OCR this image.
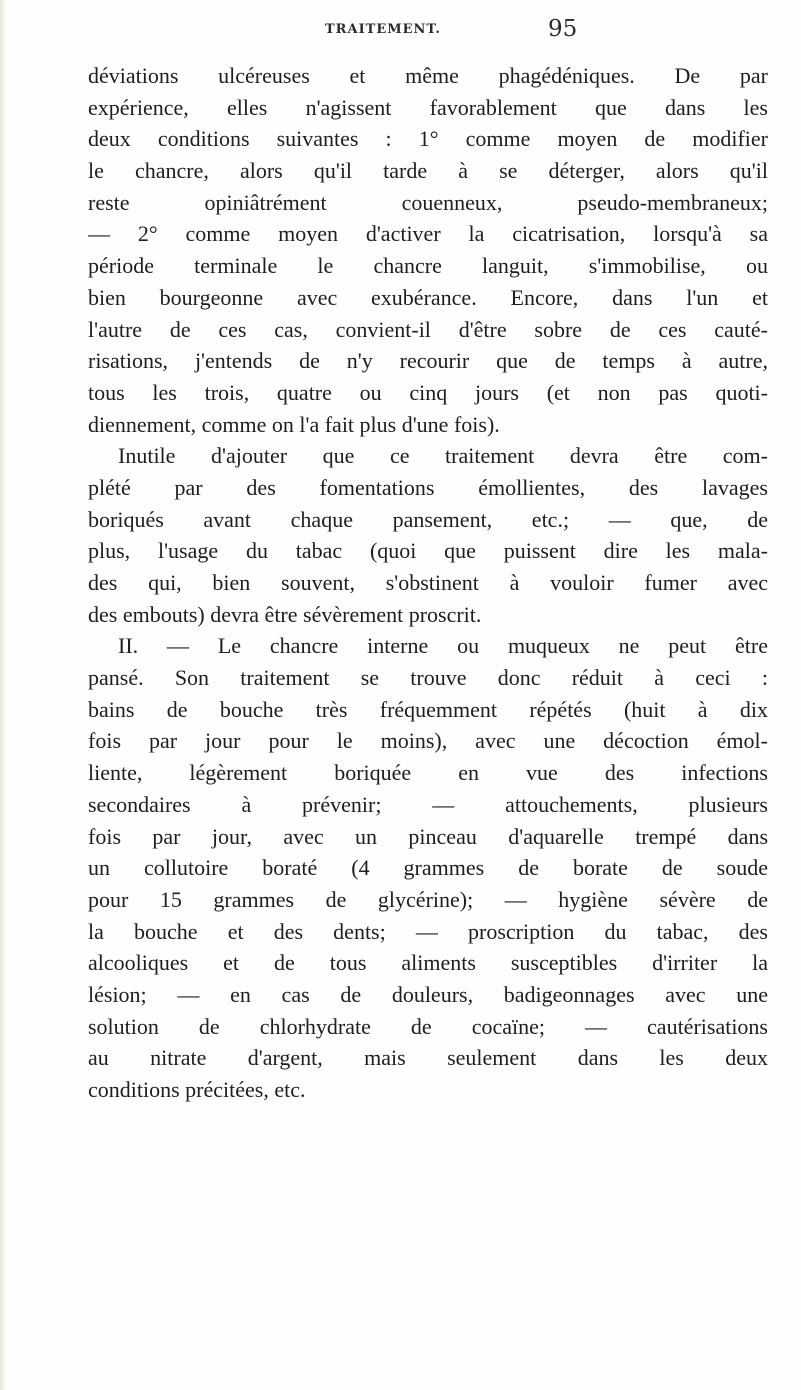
TRAITEMENT.	95
déviations ulcéreuses et même phagédéniques. De par
expérience, elles n'agissent favorablement que dans les
deux conditions suivantes : 1° comme moyen de modifier
le chancre, alors qu'il tarde à se déterger, alors qu'il
reste opiniâtrément couenneux, pseudo-membraneux;
— 2° comme moyen d'activer la cicatrisation, lorsqu'à sa
période terminale le chancre languit, s'immobilise, ou
bien bourgeonne avec exubérance. Encore, dans l'un et
l'autre de ces cas, convient-il d'être sobre de ces cauté-
risations, j'entends de n'y recourir que de temps à autre,
tous les trois, quatre ou cinq jours (et non pas quoti-
diennement, comme on l'a fait plus d'une fois).
Inutile d'ajouter que ce traitement devra être com-
plété par des fomentations émollientes, des lavages
boriqués avant chaque pansement, etc.; — que, de
plus, l'usage du tabac (quoi que puissent dire les mala-
des qui, bien souvent, s'obstinent à vouloir fumer avec
des embouts) devra être sévèrement proscrit.
II. — Le chancre interne ou muqueux ne peut être
pansé. Son traitement se trouve donc réduit à ceci :
bains de bouche très fréquemment répétés (huit à dix
fois par jour pour le moins), avec une décoction émol-
liente, légèrement boriquée en vue des infections
secondaires à prévenir; — attouchements, plusieurs
fois par jour, avec un pinceau d'aquarelle trempé dans
un collutoire boraté (4 grammes de borate de soude
pour 15 grammes de glycérine); — hygiène sévère de
la bouche et des dents; — proscription du tabac, des
alcooliques et de tous aliments susceptibles d'irriter la
lésion; — en cas de douleurs, badigeonnages avec une
solution de chlorhydrate de cocaïne; — cautérisations
au nitrate d'argent, mais seulement dans les deux
conditions précitées, etc.
